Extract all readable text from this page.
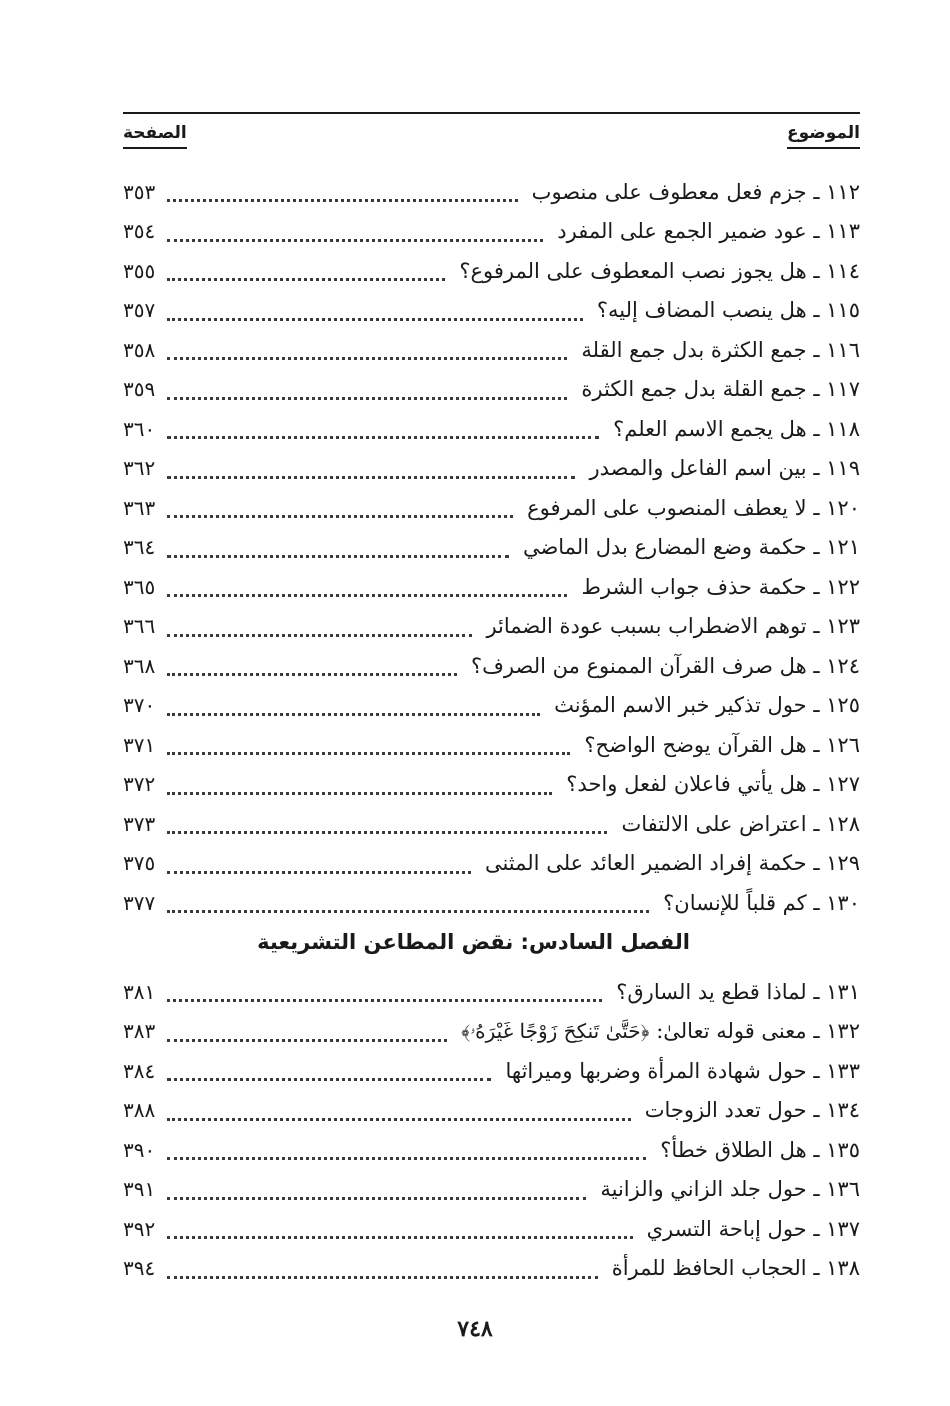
الموضوع
الصفحة
١١٢ ـ جزم فعل معطوف على منصوب
٣٥٣
١١٣ ـ عود ضمير الجمع على المفرد
٣٥٤
١١٤ ـ هل يجوز نصب المعطوف على المرفوع؟
٣٥٥
١١٥ ـ هل ينصب المضاف إليه؟
٣٥٧
١١٦ ـ جمع الكثرة بدل جمع القلة
٣٥٨
١١٧ ـ جمع القلة بدل جمع الكثرة
٣٥٩
١١٨ ـ هل يجمع الاسم العلم؟
٣٦٠
١١٩ ـ بين اسم الفاعل والمصدر
٣٦٢
١٢٠ ـ لا يعطف المنصوب على المرفوع
٣٦٣
١٢١ ـ حكمة وضع المضارع بدل الماضي
٣٦٤
١٢٢ ـ حكمة حذف جواب الشرط
٣٦٥
١٢٣ ـ توهم الاضطراب بسبب عودة الضمائر
٣٦٦
١٢٤ ـ هل صرف القرآن الممنوع من الصرف؟
٣٦٨
١٢٥ ـ حول تذكير خبر الاسم المؤنث
٣٧٠
١٢٦ ـ هل القرآن يوضح الواضح؟
٣٧١
١٢٧ ـ هل يأتي فاعلان لفعل واحد؟
٣٧٢
١٢٨ ـ اعتراض على الالتفات
٣٧٣
١٢٩ ـ حكمة إفراد الضمير العائد على المثنى
٣٧٥
١٣٠ ـ كم قلباً للإنسان؟
٣٧٧
الفصل السادس: نقض المطاعن التشريعية
١٣١ ـ لماذا قطع يد السارق؟
٣٨١
١٣٢ ـ معنى قوله تعالىٰ: ﴿حَتَّىٰ تَنكِحَ زَوْجًا غَيْرَهُۥ﴾
٣٨٣
١٣٣ ـ حول شهادة المرأة وضربها وميراثها
٣٨٤
١٣٤ ـ حول تعدد الزوجات
٣٨٨
١٣٥ ـ هل الطلاق خطأ؟
٣٩٠
١٣٦ ـ حول جلد الزاني والزانية
٣٩١
١٣٧ ـ حول إباحة التسري
٣٩٢
١٣٨ ـ الحجاب الحافظ للمرأة
٣٩٤
٧٤٨
